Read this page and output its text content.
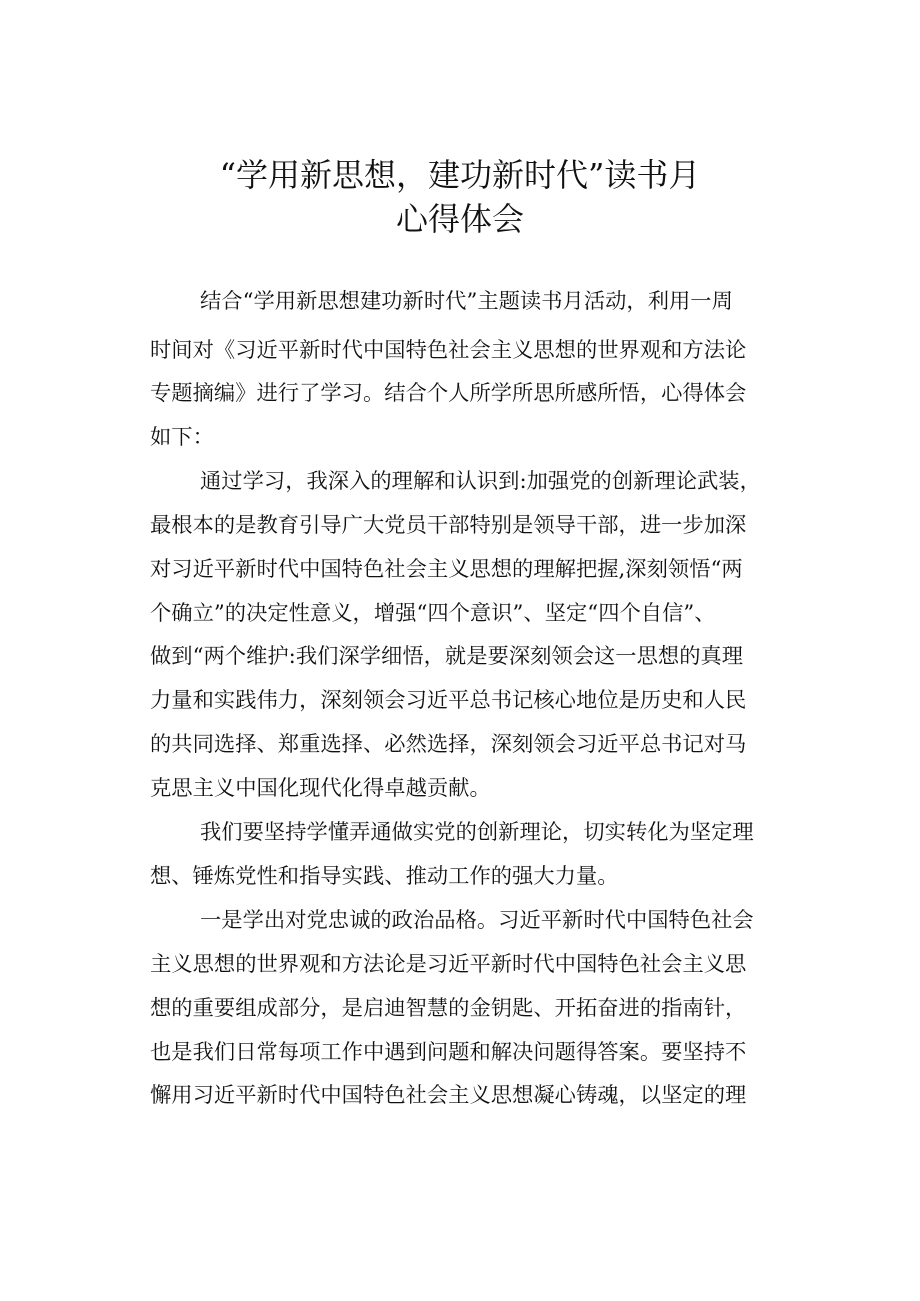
“学用新思想，建功新时代”读书月
心得体会
结合“学用新思想建功新时代”主题读书月活动，利用一周
时间对《习近平新时代中国特色社会主义思想的世界观和方法论
专题摘编》进行了学习。结合个人所学所思所感所悟，心得体会
如下：
通过学习，我深入的理解和认识到:加强党的创新理论武装，
最根本的是教育引导广大党员干部特别是领导干部，进一步加深
对习近平新时代中国特色社会主义思想的理解把握,深刻领悟“两
个确立”的决定性意义，增强“四个意识”、坚定“四个自信”、
做到“两个维护:我们深学细悟，就是要深刻领会这一思想的真理
力量和实践伟力，深刻领会习近平总书记核心地位是历史和人民
的共同选择、郑重选择、必然选择，深刻领会习近平总书记对马
克思主义中国化现代化得卓越贡献。
我们要坚持学懂弄通做实党的创新理论，切实转化为坚定理
想、锤炼党性和指导实践、推动工作的强大力量。
一是学出对党忠诚的政治品格。习近平新时代中国特色社会
主义思想的世界观和方法论是习近平新时代中国特色社会主义思
想的重要组成部分，是启迪智慧的金钥匙、开拓奋进的指南针，
也是我们日常每项工作中遇到问题和解决问题得答案。要坚持不
懈用习近平新时代中国特色社会主义思想凝心铸魂，以坚定的理
